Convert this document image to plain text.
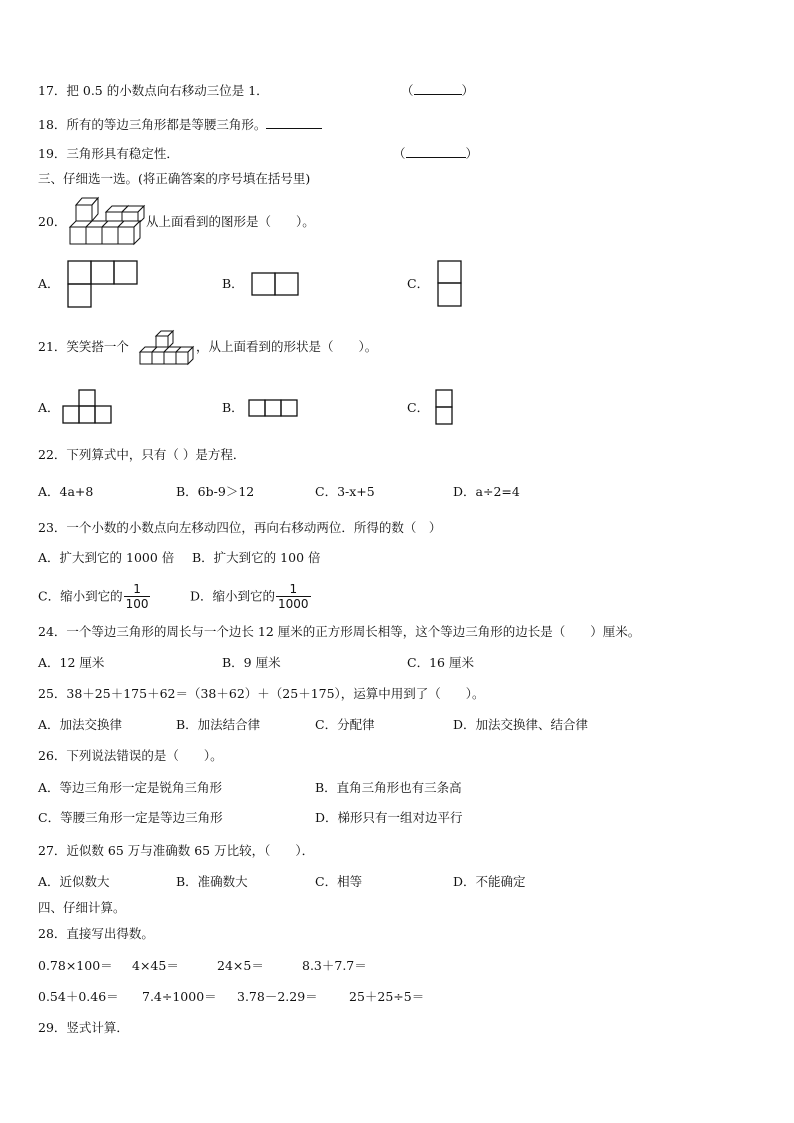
17．把 0.5 的小数点向右移动三位是 1．	（	）
18．所有的等边三角形都是等腰三角形。
19．三角形具有稳定性．	（	）
三、仔细选一选。(将正确答案的序号填在括号里)
20．	从上面看到的图形是（　　）。
A．	B．	C．
21．笑笑搭一个	，从上面看到的形状是（　　）。
A．	B．	C．
22．下列算式中，只有（ ）是方程．
A．4a+8	B．6b-9＞12	C．3-x+5	D．a÷2=4
23．一个小数的小数点向左移动四位，再向右移动两位．所得的数（　）
A．扩大到它的 1000 倍 B．扩大到它的 100 倍
C．缩小到它的 $\frac{1}{100}$	D．缩小到它的 $\frac{1}{1000}$
24．一个等边三角形的周长与一个边长 12 厘米的正方形周长相等，这个等边三角形的边长是（　　）厘米。
A．12 厘米	B．9 厘米	C．16 厘米
25．38＋25＋175＋62＝（38＋62）＋（25＋175），运算中用到了（　　）。
A．加法交换律	B．加法结合律	C．分配律	D．加法交换律、结合律
26．下列说法错误的是（　　）。
A．等边三角形一定是锐角三角形	B．直角三角形也有三条高
C．等腰三角形一定是等边三角形	D．梯形只有一组对边平行
27．近似数 65 万与准确数 65 万比较，（　　）．
A．近似数大	B．准确数大	C．相等	D．不能确定
四、仔细计算。
28．直接写出得数。
0.78×100＝ 4×45＝	24×5＝	8.3＋7.7＝
0.54＋0.46＝ 7.4÷1000＝ 3.78－2.29＝	25＋25÷5＝
29．竖式计算．
